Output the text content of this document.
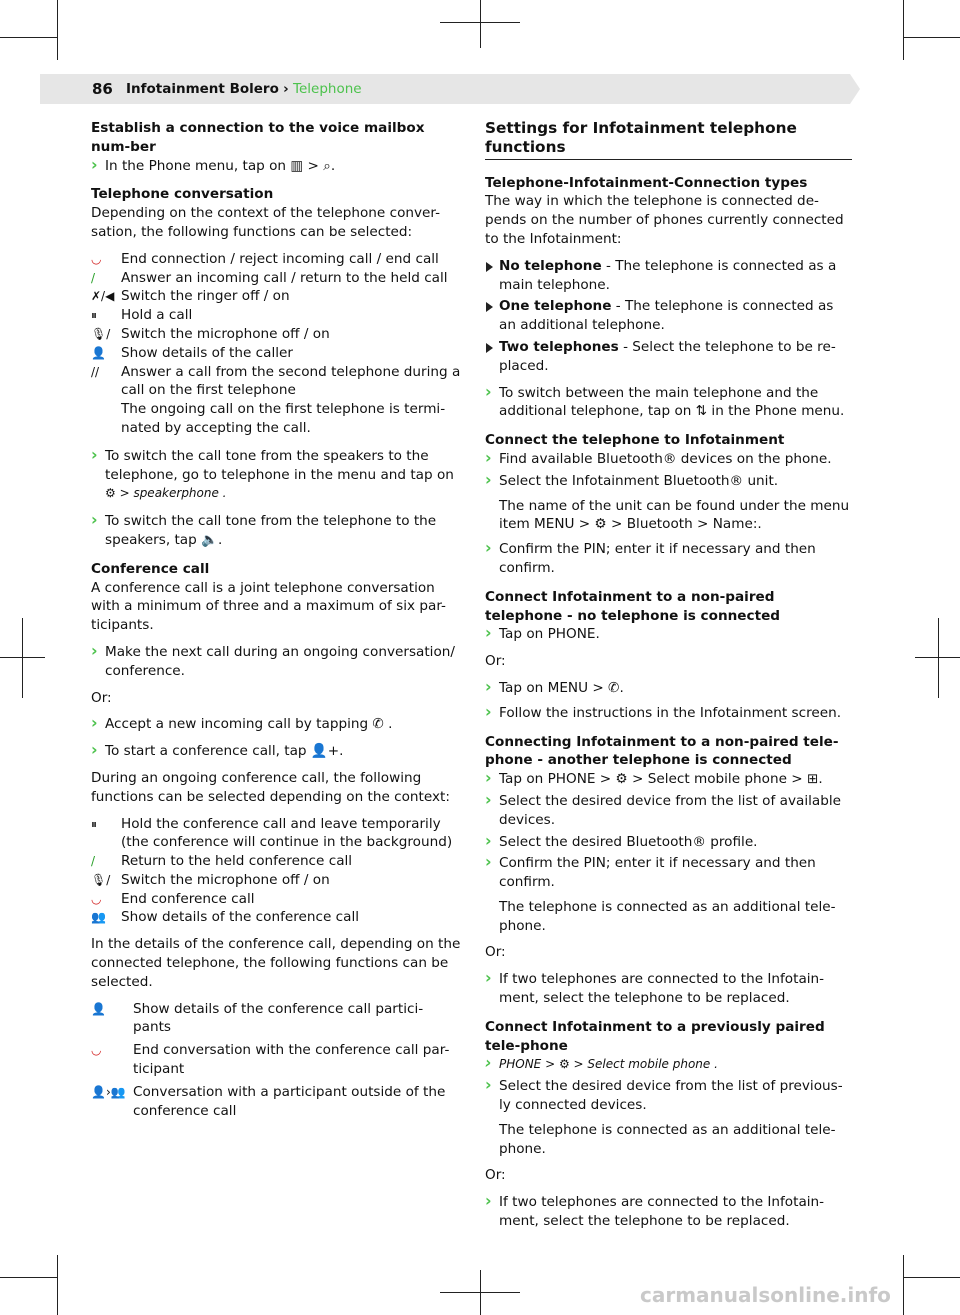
86 Infotainment Bolero › Telephone

Establish a connection to the voice mailbox num-ber

› In the Phone menu, tap on ▥ > ⌕.

Telephone conversation

Depending on the context of the telephone conver-sation, the following functions can be selected:

◡ End connection / reject incoming call / end call

/ Answer an incoming call / return to the held call

✗/◀ Switch the ringer off / on

⏸ Hold a call

🎙/ Switch the microphone off / on

👤 Show details of the caller

// Answer a call from the second telephone during a call on the first telephone

The ongoing call on the first telephone is termi-nated by accepting the call.

› To switch the call tone from the speakers to the telephone, go to telephone in the menu and tap on

⚙ > speakerphone .

› To switch the call tone from the telephone to the speakers, tap 🔈.

Conference call

A conference call is a joint telephone conversation with a minimum of three and a maximum of six par-ticipants.

› Make the next call during an ongoing conversation/ conference.

Or:

› Accept a new incoming call by tapping ✆ .

› To start a conference call, tap 👤+.

During an ongoing conference call, the following functions can be selected depending on the context:

⏸ Hold the conference call and leave temporarily (the conference will continue in the background)

/ Return to the held conference call

🎙/ Switch the microphone off / on

◡ End conference call

👥 Show details of the conference call

In the details of the conference call, depending on the connected telephone, the following functions can be selected.

👤 Show details of the conference call partici-pants

◡ End conversation with the conference call par-ticipant

👤›👥 Conversation with a participant outside of the conference call

Settings for Infotainment telephone functions

Telephone-Infotainment-Connection types

The way in which the telephone is connected de-pends on the number of phones currently connected to the Infotainment:

No telephone - The telephone is connected as a main telephone.

One telephone - The telephone is connected as an additional telephone.

Two telephones - Select the telephone to be re-placed.

› To switch between the main telephone and the additional telephone, tap on ⇅ in the Phone menu.

Connect the telephone to Infotainment

› Find available Bluetooth® devices on the phone.

› Select the Infotainment Bluetooth® unit.

The name of the unit can be found under the menu item MENU > ⚙ > Bluetooth > Name:.

› Confirm the PIN; enter it if necessary and then confirm.

Connect Infotainment to a non-paired telephone - no telephone is connected

› Tap on PHONE.

Or:

› Tap on MENU > ✆.

› Follow the instructions in the Infotainment screen.

Connecting Infotainment to a non-paired tele-phone - another telephone is connected

› Tap on PHONE > ⚙ > Select mobile phone > ⊞.

› Select the desired device from the list of available devices.

› Select the desired Bluetooth® profile.

› Confirm the PIN; enter it if necessary and then confirm.

The telephone is connected as an additional tele-phone.

Or:

› If two telephones are connected to the Infotain-ment, select the telephone to be replaced.

Connect Infotainment to a previously paired tele-phone

› PHONE > ⚙ > Select mobile phone .

› Select the desired device from the list of previous-ly connected devices.

The telephone is connected as an additional tele-phone.

Or:

› If two telephones are connected to the Infotain-ment, select the telephone to be replaced.

carmanualsonline.info
